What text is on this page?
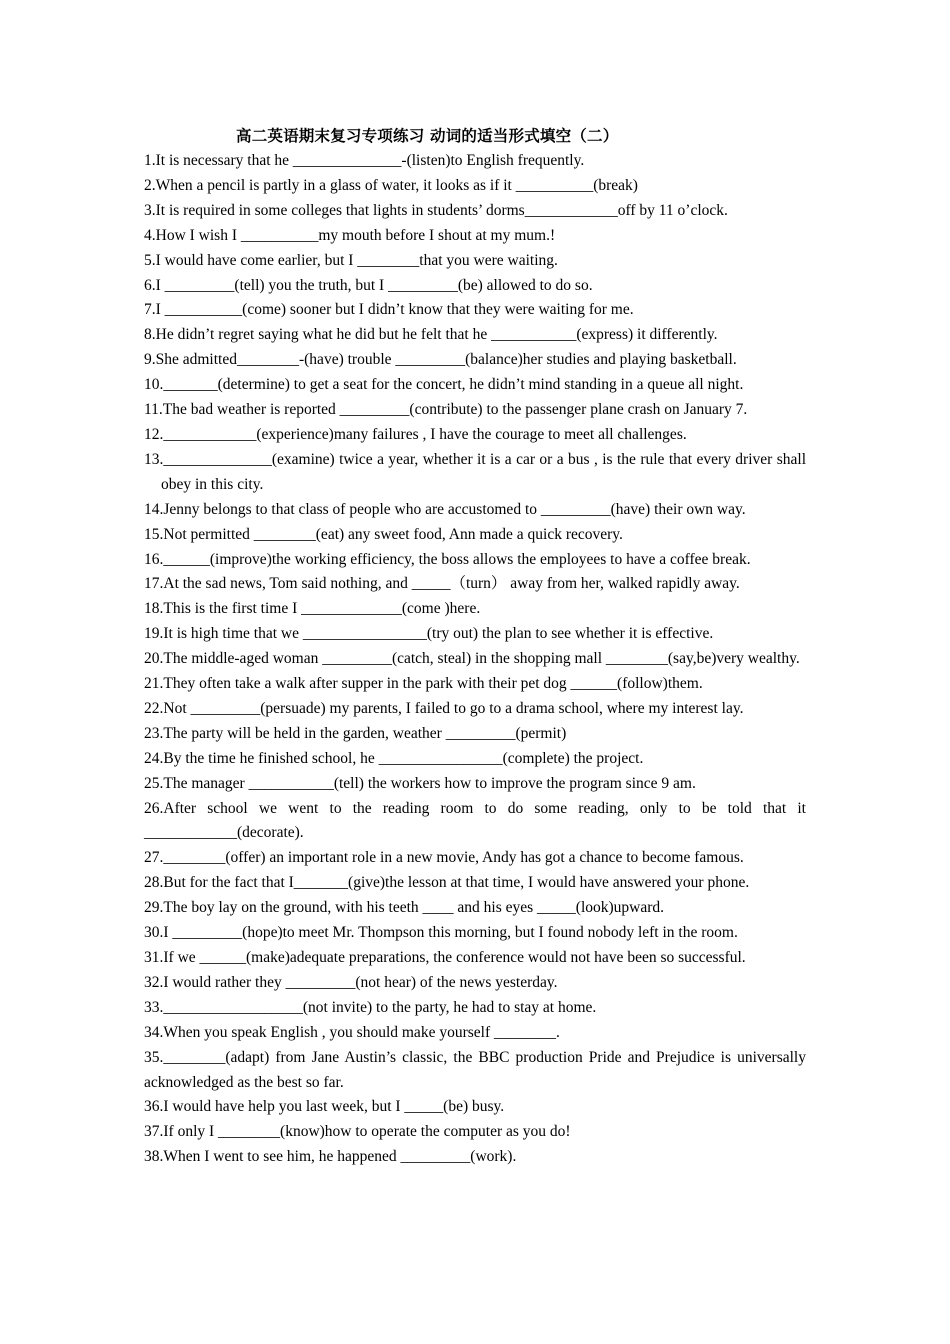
高二英语期末复习专项练习 动词的适当形式填空（二）
1.It is necessary that he ______________-(listen)to English frequently.
2.When a pencil is partly in a glass of water, it looks as if it __________(break)
3.It is required in some colleges that lights in students’ dorms____________off by 11 o’clock.
4.How I wish I __________my mouth before I shout at my mum.!
5.I would have come earlier, but I ________that you were waiting.
6.I _________(tell) you the truth, but I _________(be) allowed to do so.
7.I __________(come) sooner but I didn’t know that they were waiting for me.
8.He didn’t regret saying what he did but he felt that he ___________(express) it differently.
9.She admitted________-(have) trouble _________(balance)her studies and playing basketball.
10._______(determine) to get a seat for the concert, he didn’t mind standing in a queue all night.
11.The bad weather is reported _________(contribute) to the passenger plane crash on January 7.
12.____________(experience)many failures , I have the courage to meet all challenges.
13.______________(examine) twice a year, whether it is a car or a bus , is the rule that every driver shall obey in this city.
14.Jenny belongs to that class of people who are accustomed to _________(have) their own way.
15.Not permitted ________(eat) any sweet food, Ann made a quick recovery.
16.______(improve)the working efficiency, the boss allows the employees to have a coffee break.
17.At the sad news, Tom said nothing, and _____（turn） away from her, walked rapidly away.
18.This is the first time I _____________(come )here.
19.It is high time that we ________________(try out) the plan to see whether it is effective.
20.The middle-aged woman _________(catch, steal) in the shopping mall ________(say,be)very wealthy.
21.They often take a walk after supper in the park with their pet dog ______(follow)them.
22.Not _________(persuade) my parents, I failed to go to a drama school, where my interest lay.
23.The party will be held in the garden, weather _________(permit)
24.By the time he finished school, he ________________(complete) the project.
25.The manager ___________(tell) the workers how to improve the program since 9 am.
26.After school we went to the reading room to do some reading, only to be told that it ____________(decorate).
27.________(offer) an important role in a new movie, Andy has got a chance to become famous.
28.But for the fact that I_______(give)the lesson at that time, I would have answered your phone.
29.The boy lay on the ground, with his teeth ____ and his eyes _____(look)upward.
30.I _________(hope)to meet Mr. Thompson this morning, but I found nobody left in the room.
31.If we ______(make)adequate preparations, the conference would not have been so successful.
32.I would rather they _________(not hear) of the news yesterday.
33.__________________(not invite) to the party, he had to stay at home.
34.When you speak English , you should make yourself ________.
35.________(adapt) from Jane Austin’s classic, the BBC production Pride and Prejudice is universally acknowledged as the best so far.
36.I would have help you last week, but I _____(be) busy.
37.If only I ________(know)how to operate the computer as you do!
38.When I went to see him, he happened _________(work).
